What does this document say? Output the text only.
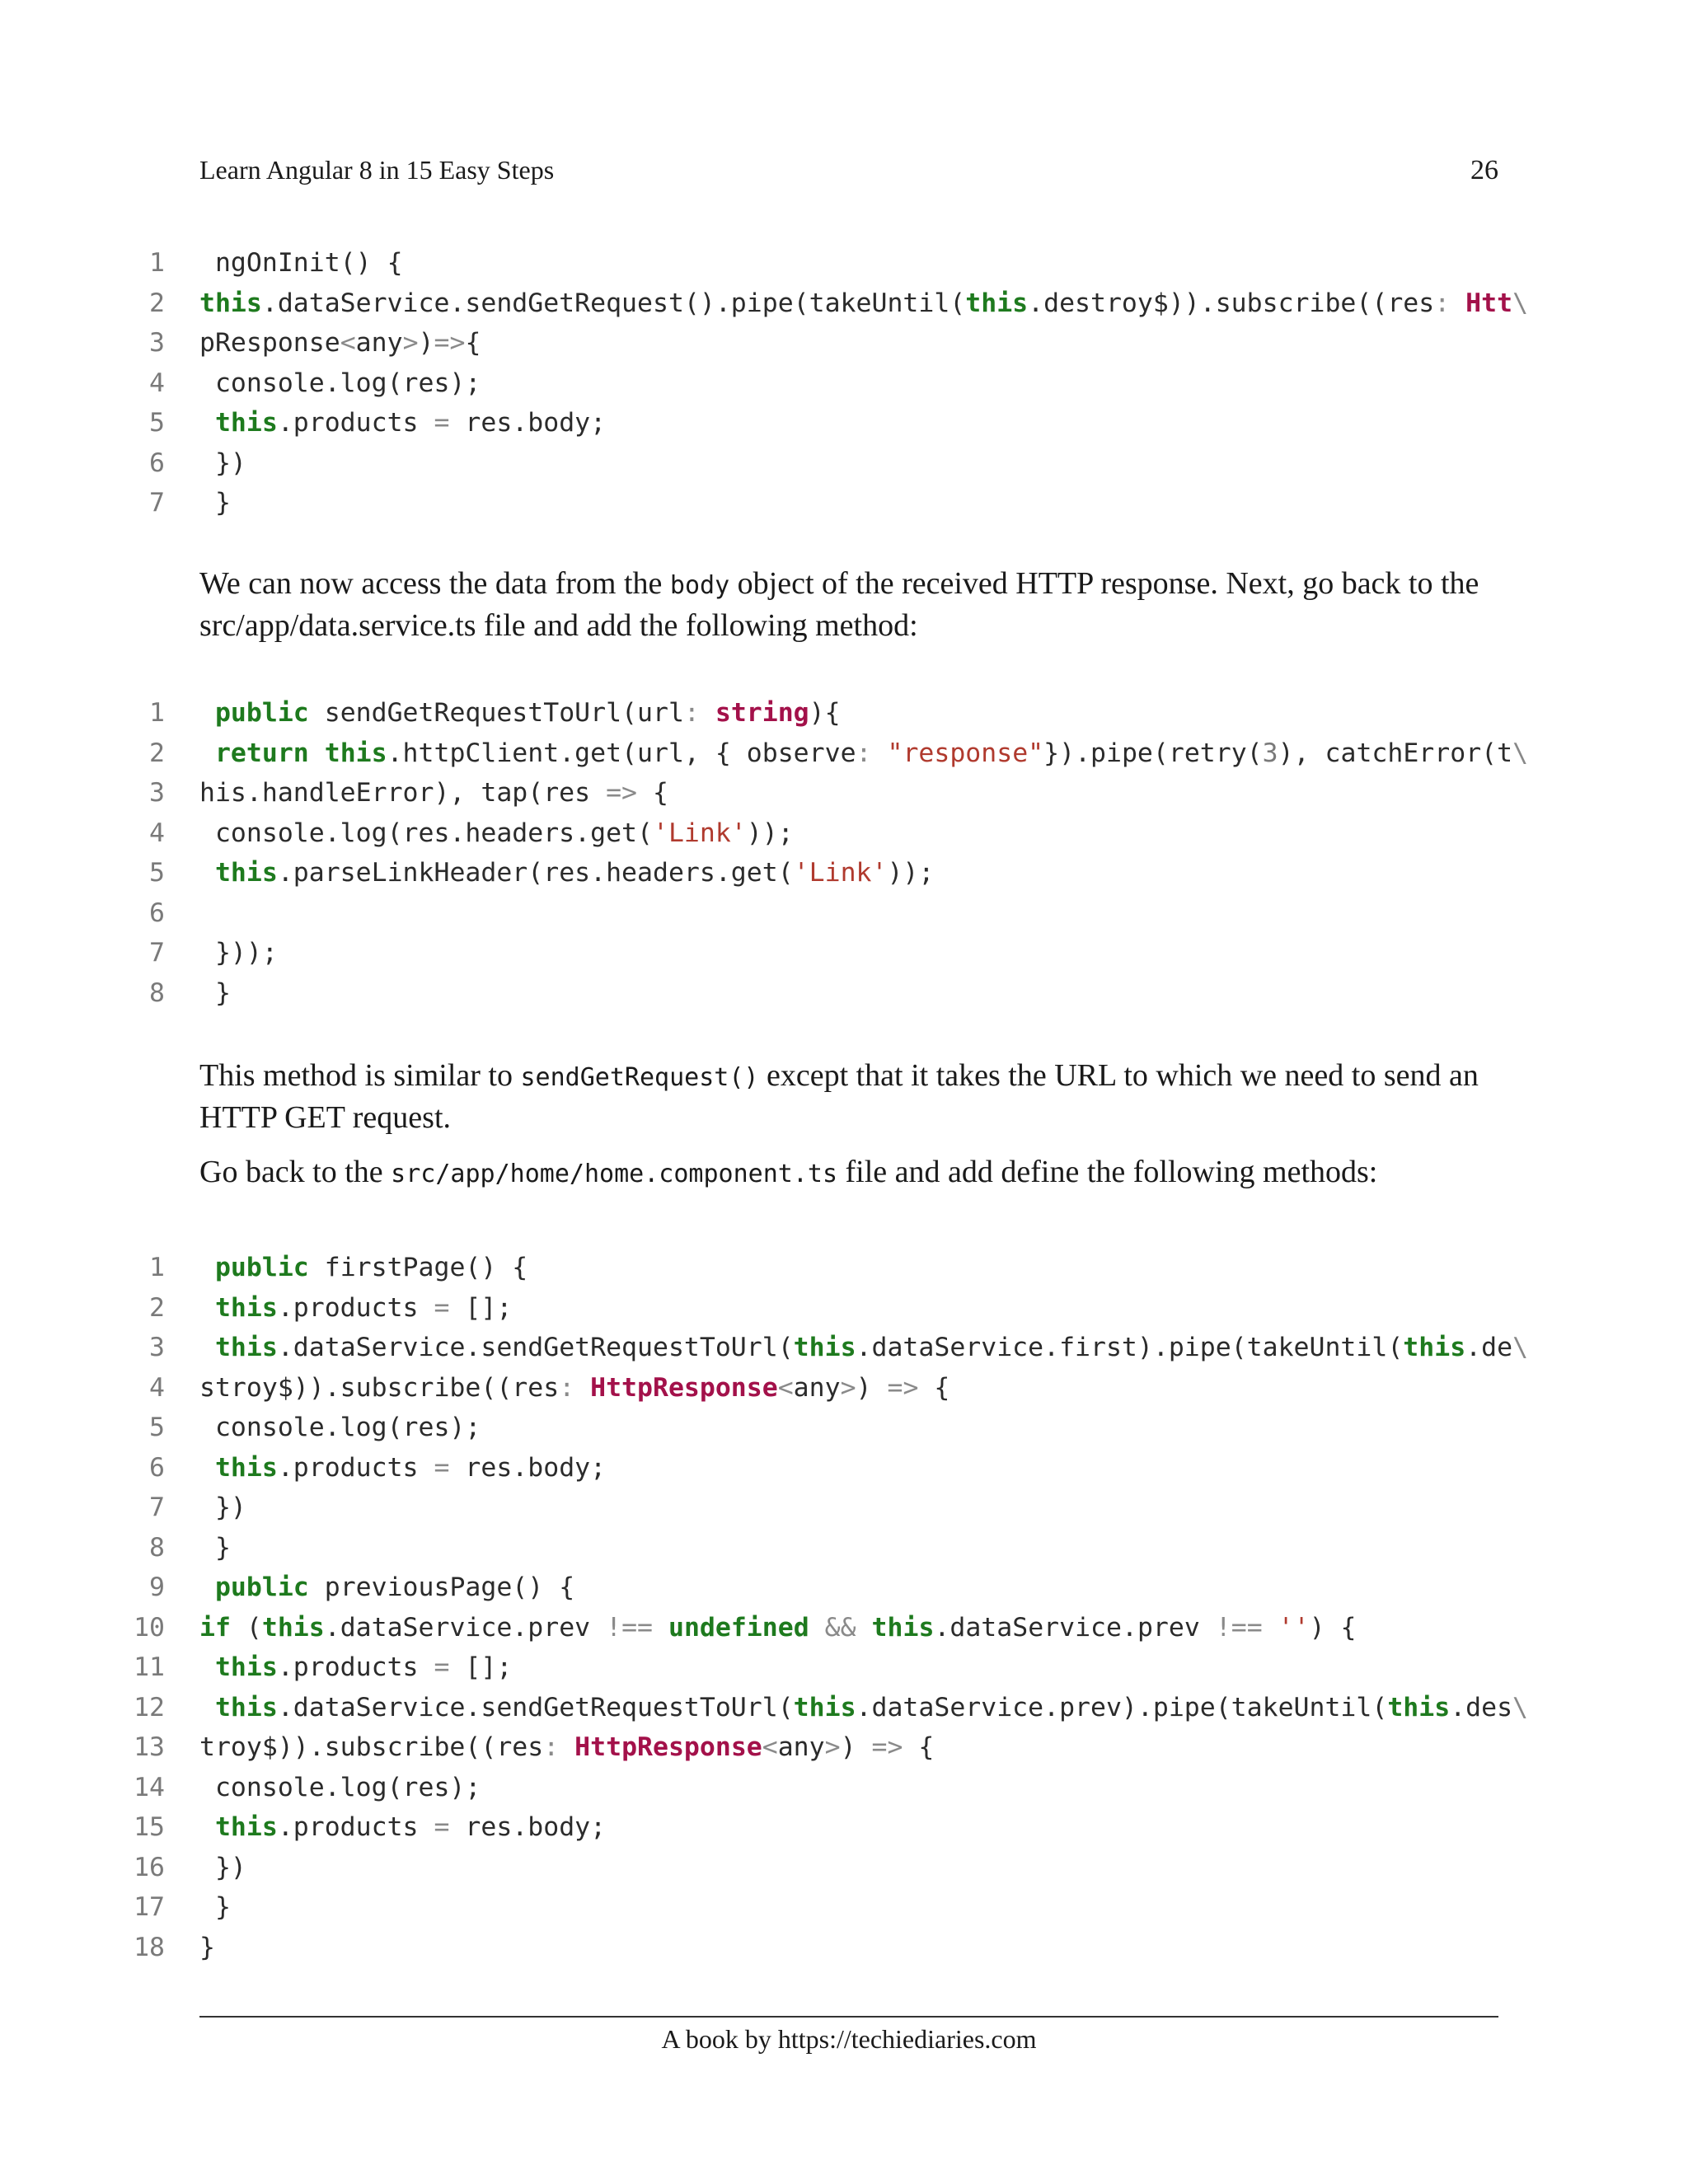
Learn Angular 8 in 15 Easy Steps	26
1 ngOnInit() {
2 this.dataService.sendGetRequest().pipe(takeUntil(this.destroy$)).subscribe((res: Htt\
3 pResponse<any>)=>{
4 console.log(res);
5	this.products = res.body;
6 })
7 }

We can now access the data from the body object of the received HTTP response. Next, go back to the src/app/data.service.ts file and add the following method:

1	public sendGetRequestToUrl(url: string){
2	return this.httpClient.get(url, { observe: "response"}).pipe(retry(3), catchError(t\
3 his.handleError), tap(res => {
4 console.log(res.headers.get('Link'));
5	this.parseLinkHeader(res.headers.get('Link'));
6
7 }));
8 }

This method is similar to sendGetRequest() except that it takes the URL to which we need to send an HTTP GET request.

Go back to the src/app/home/home.component.ts file and add define the following methods:

1	public firstPage() {
2	this.products = [];
3	this.dataService.sendGetRequestToUrl(this.dataService.first).pipe(takeUntil(this.de\
4 stroy$)).subscribe((res: HttpResponse<any>) => {
5 console.log(res);
6	this.products = res.body;
7 })
8 }
9	public previousPage() {
10 if (this.dataService.prev !== undefined && this.dataService.prev !== '') {
11	this.products = [];
12	this.dataService.sendGetRequestToUrl(this.dataService.prev).pipe(takeUntil(this.des\
13 troy$)).subscribe((res: HttpResponse<any>) => {
14 console.log(res);
15	this.products = res.body;
16 })
17 }
18 }
A book by https://techiediaries.com
